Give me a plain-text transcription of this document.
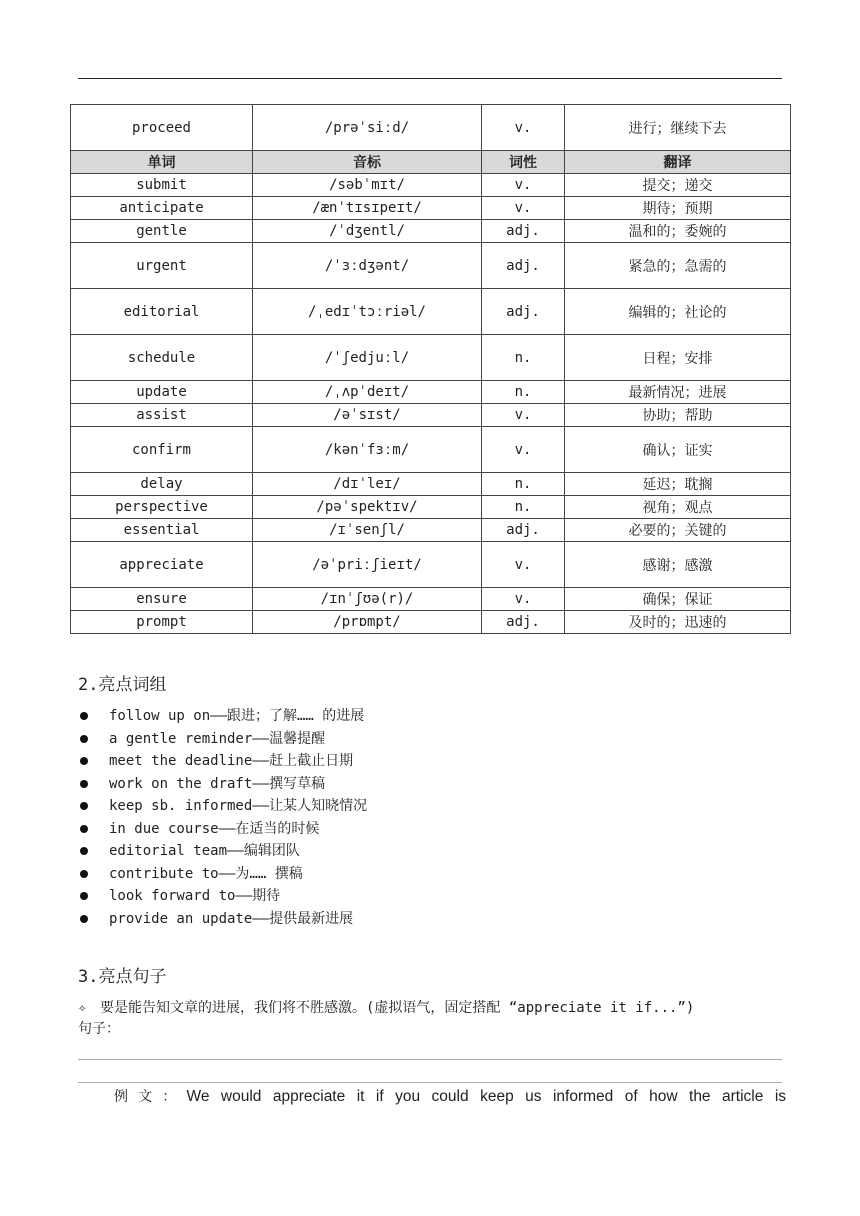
proceed	/prəˈsiːd/	v.	进行；继续下去
单词	音标	词性	翻译
submit	/səbˈmɪt/	v.	提交；递交
anticipate	/ænˈtɪsɪpeɪt/	v.	期待；预期
gentle	/ˈdʒentl/	adj.	温和的；委婉的
urgent	/ˈɜːdʒənt/	adj.	紧急的；急需的
editorial	/ˌedɪˈtɔːriəl/	adj.	编辑的；社论的
schedule	/ˈʃedjuːl/	n.	日程；安排
update	/ˌʌpˈdeɪt/	n.	最新情况；进展
assist	/əˈsɪst/	v.	协助；帮助
confirm	/kənˈfɜːm/	v.	确认；证实
delay	/dɪˈleɪ/	n.	延迟；耽搁
perspective	/pəˈspektɪv/	n.	视角；观点
essential	/ɪˈsenʃl/	adj.	必要的；关键的
appreciate	/əˈpriːʃieɪt/	v.	感谢；感激
ensure	/ɪnˈʃʊə(r)/	v.	确保；保证
prompt	/prɒmpt/	adj.	及时的；迅速的
2.亮点词组
follow up on——跟进；了解…… 的进展
a gentle reminder——温馨提醒
meet the deadline——赶上截止日期
work on the draft——撰写草稿
keep sb. informed——让某人知晓情况
in due course——在适当的时候
editorial team——编辑团队
contribute to——为…… 撰稿
look forward to——期待
provide an update——提供最新进展
3.亮点句子
✧ 要是能告知文章的进展，我们将不胜感激。(虚拟语气，固定搭配 “appreciate it if...”)
句子：
例文：We would appreciate it if you could keep us informed of how the article is
